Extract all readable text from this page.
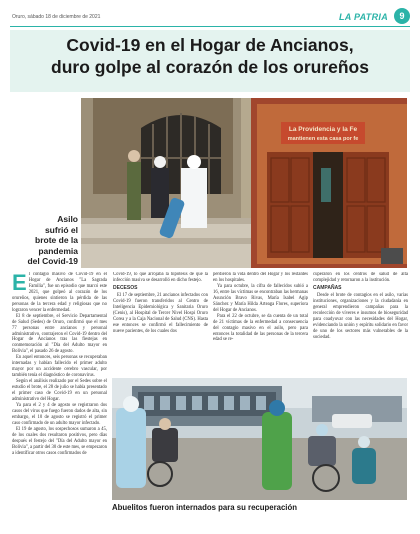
Oruro, sábado 18 de diciembre de 2021	LA PATRIA	9
Covid-19 en el Hogar de Ancianos,
duro golpe al corazón de los orureños
La Providencia y la Fe
mantienen esta casa por fe
Asilo
sufrió el
brote de la
pandemia
del Covid-19
E l contagio masivo de Covid-19 en el Hogar de Ancianos "La Sagrada Familia", fue un episodio que marcó este 2021, que golpeó al corazón de los orureños, quienes sintieron la pérdida de las personas de la tercera edad y religiosas que no lograron vencer la enfermedad.

El 8 de septiembre, el Servicio Departamental de Salud (Sedes) de Oruro, confirmó que el mes 77 personas entre ancianos y personal administrativo, contrajeron el Covid-19 dentro del Hogar de Ancianos tras las fiestejas en conmemoración al "Día del Adulto mayor en Bolivia", el pasado 26 de agosto.

En aquel entonces, seis personas se recuperaban internadas y habían fallecido el primer adulto mayor por un accidente cerebro vascular, por también tenía el diagnóstico de coronavirus.

Según el análisis realizado por el Sedes sobre el estudio el brote, el 28 de julio se había presentado el primer caso de Covid-19 en un personal administrativo del Hogar.

Ya para el 2 y 4 de agosto se registraron dos casos del virus que fuego fueron dados de alta, sin embargo, el 10 de agosto se registró el primer caso confirmado de un adulto mayor infectado.

El 19 de agosto, los sospechosos sumaron a 45, de los cuales dos resultaron positivos, pero días después el festejo del "Día del Adulto mayor en Bolivia", a partir del 30 de este mes, se empezaron a identificar otros casos confirmados de

Covid-19, lo que arrojaba la hipótesis de que la infección masiva se desarrolló en dicho festejo.

DECESOS

El 17 de septiembre, 21 ancianos infectados con Covid-19 fueron transferidos al Centro de Inteligencia Epidemiológica y Sanitaria Oruro (Cenis), al Hospital de Tercer Nivel Hospi Oruro Corea y a la Caja Nacional de Salud (CNS). Hasta ese entonces se confirmó el fallecimiento de nueve pacientes, de los cuales dos

perdieron la vida dentro del Hogar y los restantes en los hospitales.

Ya para octubre, la cifra de fallecidos subió a 16, entre las víctimas se encontraban las hermanas Asunción Bravo Rivas, María Isabel Agip Sánchez y María Hilda Arteaga Flores, superiora del Hogar de Ancianos.

Para el 22 de octubre, se da cuenta de un total de 21 víctimas de la enfermedad a consecuencia del contagio masivo en el asilo, pero para entonces la totalidad de las personas de la tercera edad se re-

cuperaron en los centros de salud de alta complejidad y retornaron a la institución.

CAMPAÑAS

Desde el brote de contagios en el asilo, varias instituciones, organizaciones y la ciudadanía en general emprendieron campañas para la recolección de víveres e insumos de bioseguridad para coadyuvar con las necesidades del Hogar, evidenciando la unión y espíritu solidario en favor de uno de los sectores más vulnerables de la sociedad.

Abuelitos fueron internados para su recuperación
